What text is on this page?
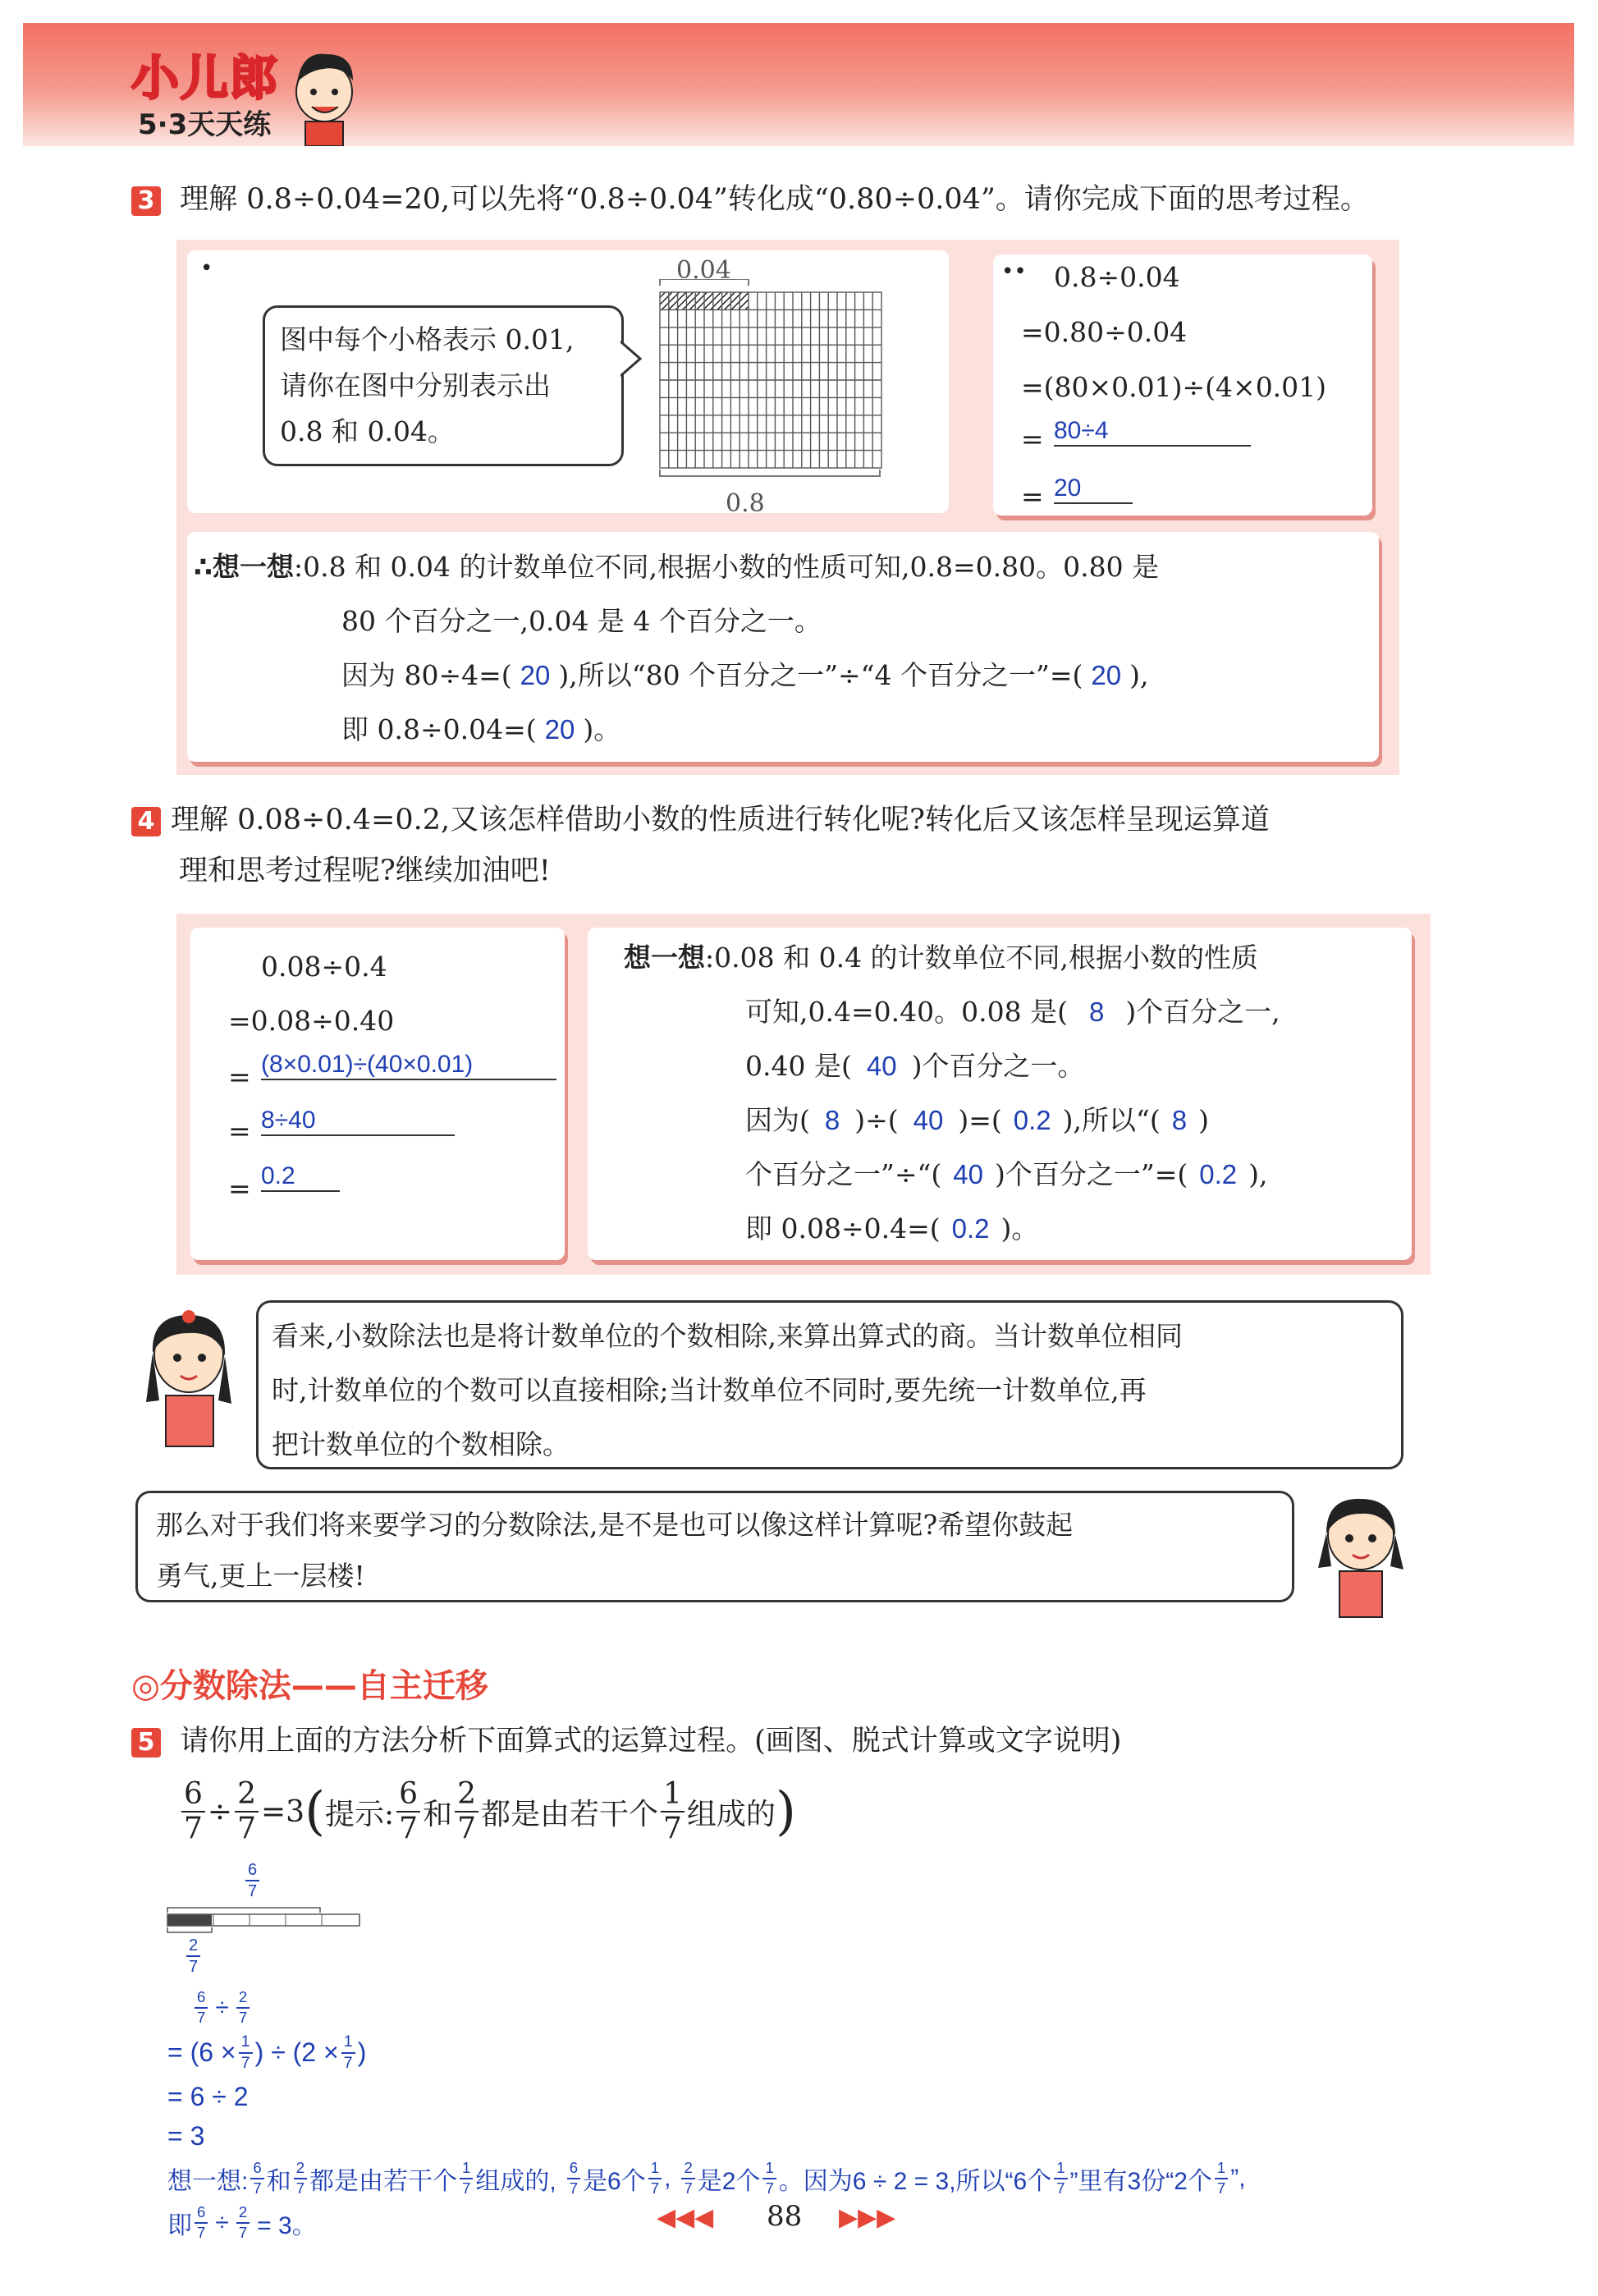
小儿郎
5·3天天练
3 理解 0.8÷0.04=20,可以先将“0.8÷0.04”转化成“0.80÷0.04”。请你完成下面的思考过程。
•
图中每个小格表示 0.01,
请你在图中分别表示出
0.8 和 0.04。
0.04
0.8
•• 0.8÷0.04
=0.80÷0.04
=(80×0.01)÷(4×0.01)
= 80÷4
= 20
∴想一想:0.8 和 0.04 的计数单位不同,根据小数的性质可知,0.8=0.80。0.80 是
80 个百分之一,0.04 是 4 个百分之一。
因为 80÷4=( 20 ),所以“80 个百分之一”÷“4 个百分之一”=( 20 ),
即 0.8÷0.04=( 20 )。
4 理解 0.08÷0.4=0.2,又该怎样借助小数的性质进行转化呢?转化后又该怎样呈现运算道
理和思考过程呢?继续加油吧!
0.08÷0.4
=0.08÷0.40
= (8×0.01)÷(40×0.01)
= 8÷40
= 0.2
想一想:0.08 和 0.4 的计数单位不同,根据小数的性质
可知,0.4=0.40。0.08 是( 8 )个百分之一,
0.40 是( 40 )个百分之一。
因为( 8 )÷( 40 )=( 0.2 ),所以“( 8 )
个百分之一”÷“( 40 )个百分之一”=( 0.2 ),
即 0.08÷0.4=( 0.2 )。
看来,小数除法也是将计数单位的个数相除,来算出算式的商。当计数单位相同
时,计数单位的个数可以直接相除;当计数单位不同时,要先统一计数单位,再
把计数单位的个数相除。
那么对于我们将来要学习的分数除法,是不是也可以像这样计算呢?希望你鼓起
勇气,更上一层楼!
◎分数除法——自主迁移
5 请你用上面的方法分析下面算式的运算过程。(画图、脱式计算或文字说明)
$\frac{6}{7} \div \frac{2}{7} =3$ ( 提示: $\frac{6}{7}$ 和 $\frac{2}{7}$ 都是由若干个 $\frac{1}{7}$ 组成的 )
$\frac{6}{7}$
$\frac{2}{7}$
$\frac{6}{7} \div \frac{2}{7}$
= ($6 \times \frac{1}{7}$ ) ÷ ($2 \times \frac{1}{7}$ )
= 6 ÷ 2
= 3
想一想: $\frac{6}{7}$ 和 $\frac{2}{7}$ 都是由若干个 $\frac{1}{7}$ 组成的, $\frac{6}{7}$ 是6个 $\frac{1}{7}$ , $\frac{2}{7}$ 是2个 $\frac{1}{7}$ 。因为6 ÷ 2 = 3,所以“6个 $\frac{1}{7}$ ”里有3份“2个 $\frac{1}{7}$ ”,
即 $\frac{6}{7} \div \frac{2}{7} = 3$。	◀◀◀ 88 ▶▶▶
